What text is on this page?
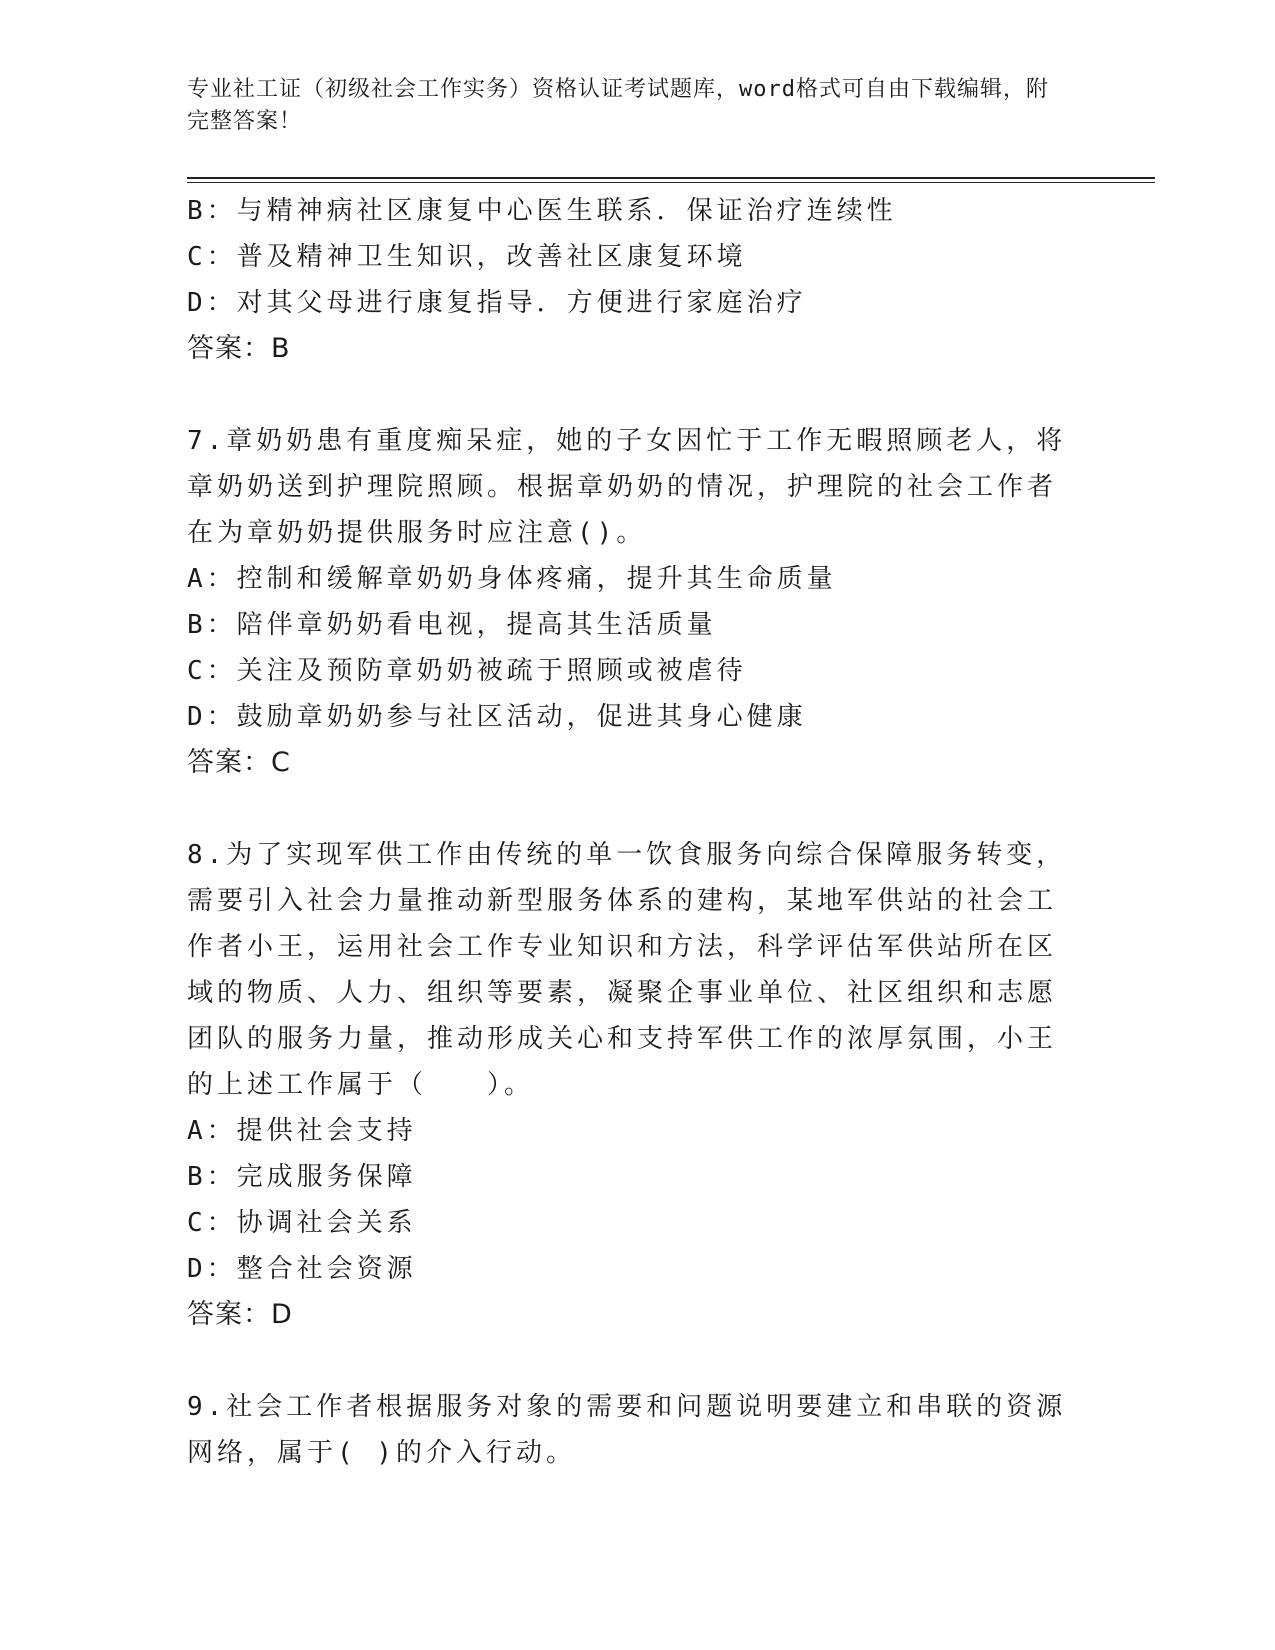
专业社工证（初级社会工作实务）资格认证考试题库，word格式可自由下载编辑，附完整答案！
B：与精神病社区康复中心医生联系．保证治疗连续性
C：普及精神卫生知识，改善社区康复环境
D：对其父母进行康复指导．方便进行家庭治疗
答案：B
7.章奶奶患有重度痴呆症，她的子女因忙于工作无暇照顾老人，将章奶奶送到护理院照顾。根据章奶奶的情况，护理院的社会工作者在为章奶奶提供服务时应注意()。
A：控制和缓解章奶奶身体疼痛，提升其生命质量
B：陪伴章奶奶看电视，提高其生活质量
C：关注及预防章奶奶被疏于照顾或被虐待
D：鼓励章奶奶参与社区活动，促进其身心健康
答案：C
8.为了实现军供工作由传统的单一饮食服务向综合保障服务转变，需要引入社会力量推动新型服务体系的建构，某地军供站的社会工作者小王，运用社会工作专业知识和方法，科学评估军供站所在区域的物质、人力、组织等要素，凝聚企事业单位、社区组织和志愿团队的服务力量，推动形成关心和支持军供工作的浓厚氛围，小王的上述工作属于（　　）。
A：提供社会支持
B：完成服务保障
C：协调社会关系
D：整合社会资源
答案：D
9.社会工作者根据服务对象的需要和问题说明要建立和串联的资源网络，属于( )的介入行动。
